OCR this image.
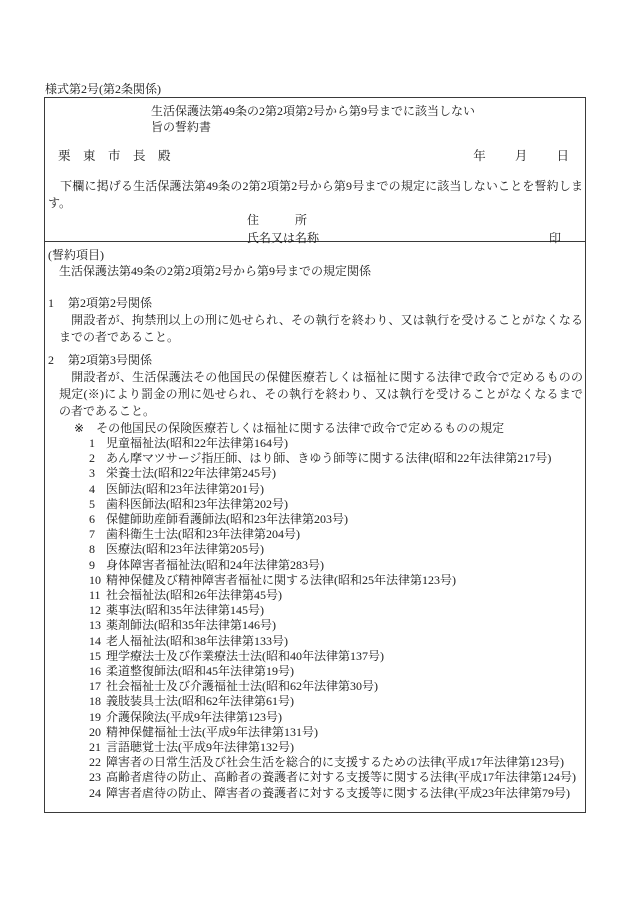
様式第2号(第2条関係)
生活保護法第49条の2第2項第2号から第9号までに該当しない
旨の誓約書
栗　東　市　長　殿	年 月 日
　下欄に掲げる生活保護法第49条の2第2項第2号から第9号までの規定に該当しないことを誓約します。
住　　　所
氏名又は名称	印
(誓約項目)
生活保護法第49条の2第2項第2号から第9号までの規定関係
1 第2項第2号関係
　開設者が、拘禁刑以上の刑に処せられ、その執行を終わり、又は執行を受けることがなくなるまでの者であること。
2 第2項第3号関係
　開設者が、生活保護法その他国民の保健医療若しくは福祉に関する法律で政令で定めるものの規定(※)により罰金の刑に処せられ、その執行を終わり、又は執行を受けることがなくなるまでの者であること。
※ その他国民の保険医療若しくは福祉に関する法律で政令で定めるものの規定
1 児童福祉法(昭和22年法律第164号)
2 あん摩マツサージ指圧師、はり師、きゆう師等に関する法律(昭和22年法律第217号)
3 栄養士法(昭和22年法律第245号)
4 医師法(昭和23年法律第201号)
5 歯科医師法(昭和23年法律第202号)
6 保健師助産師看護師法(昭和23年法律第203号)
7 歯科衛生士法(昭和23年法律第204号)
8 医療法(昭和23年法律第205号)
9 身体障害者福祉法(昭和24年法律第283号)
10 精神保健及び精神障害者福祉に関する法律(昭和25年法律第123号)
11 社会福祉法(昭和26年法律第45号)
12 薬事法(昭和35年法律第145号)
13 薬剤師法(昭和35年法律第146号)
14 老人福祉法(昭和38年法律第133号)
15 理学療法士及び作業療法士法(昭和40年法律第137号)
16 柔道整復師法(昭和45年法律第19号)
17 社会福祉士及び介護福祉士法(昭和62年法律第30号)
18 義肢装具士法(昭和62年法律第61号)
19 介護保険法(平成9年法律第123号)
20 精神保健福祉士法(平成9年法律第131号)
21 言語聴覚士法(平成9年法律第132号)
22 障害者の日常生活及び社会生活を総合的に支援するための法律(平成17年法律第123号)
23 高齢者虐待の防止、高齢者の養護者に対する支援等に関する法律(平成17年法律第124号)
24 障害者虐待の防止、障害者の養護者に対する支援等に関する法律(平成23年法律第79号)
